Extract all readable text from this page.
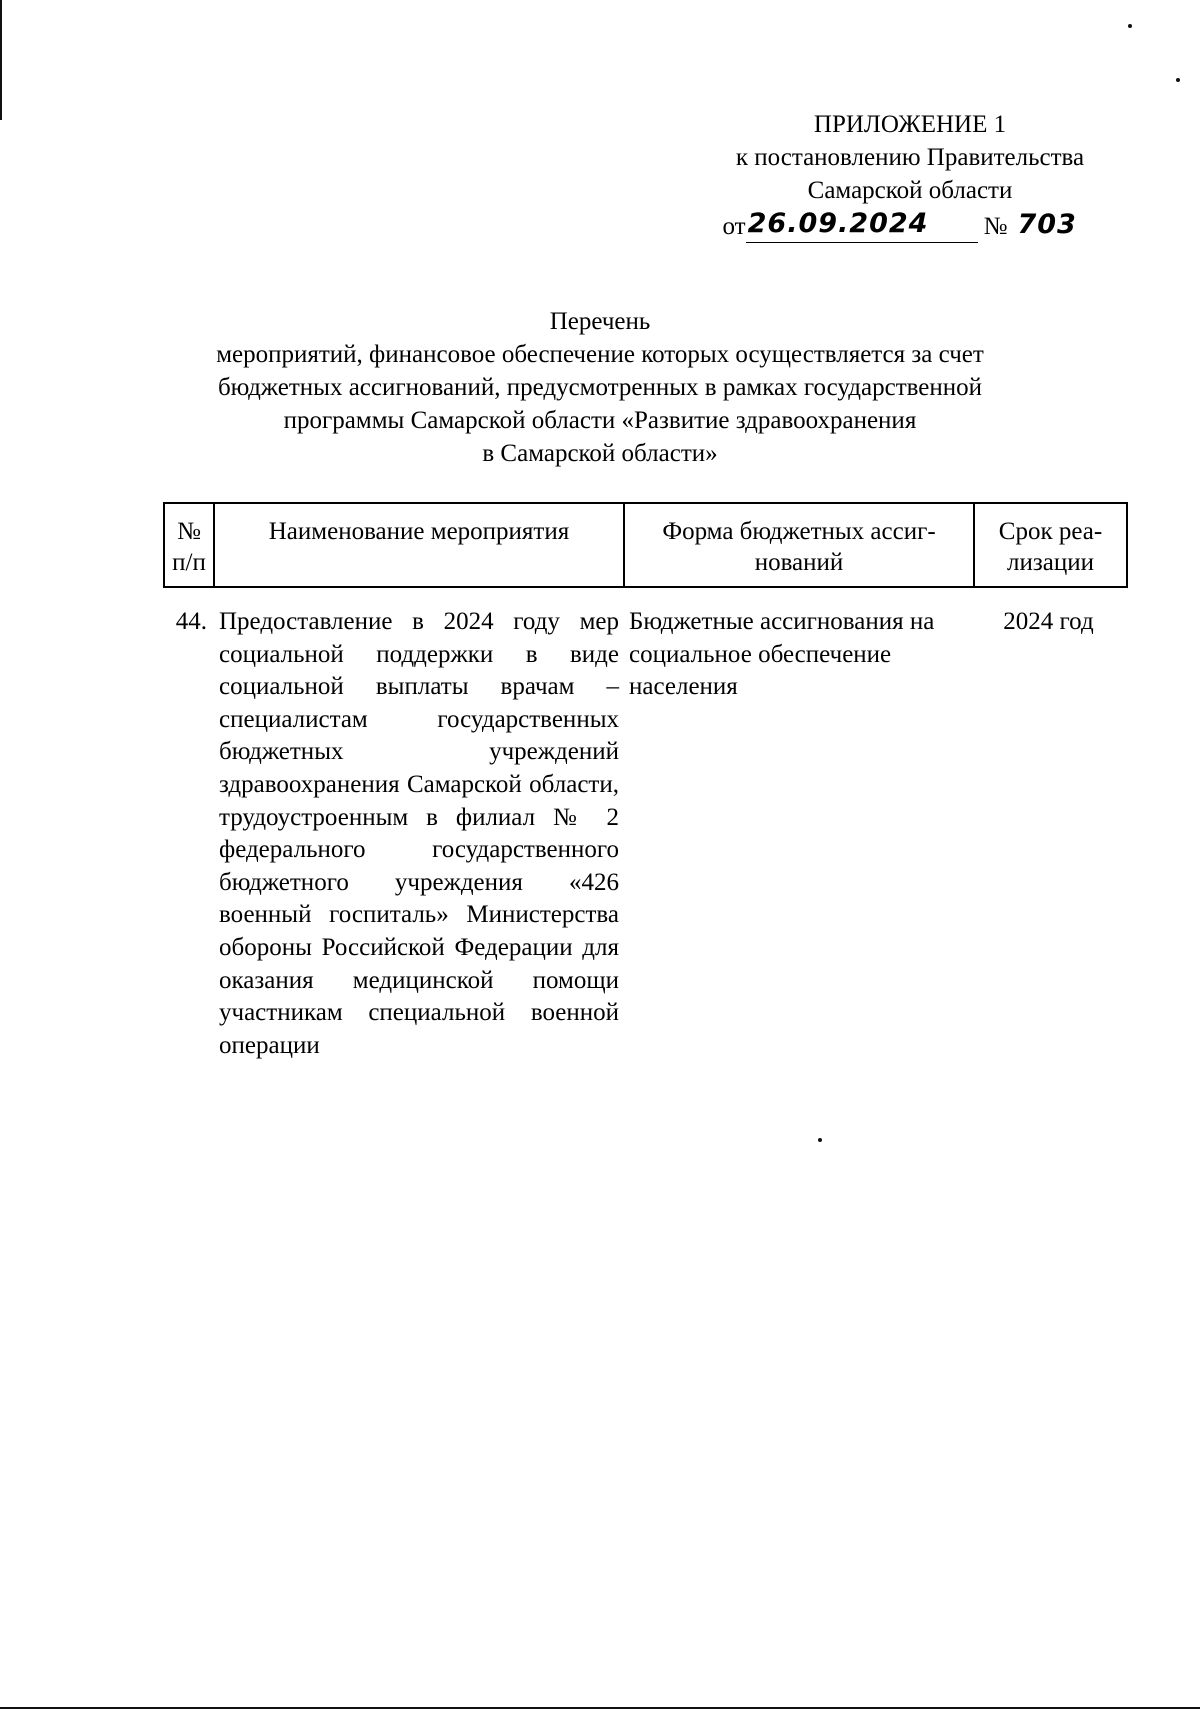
ПРИЛОЖЕНИЕ 1
к постановлению Правительства
Самарской области
от 26.09.2024	№ 703
Перечень
мероприятий, финансовое обеспечение которых осуществляется за счет
бюджетных ассигнований, предусмотренных в рамках государственной
программы Самарской области «Развитие здравоохранения
в Самарской области»
№ п/п
Наименование мероприятия	Форма бюджетных ассиг- нований
Срок реа- лизации
44. Предоставление в 2024 году мер социальной поддержки в виде социальной выплаты врачам – специалистам государственных бюджетных учреждений здравоохранения Самарской области, трудоустроенным в филиал № 2 федерального государственного бюджетного учреждения «426 военный госпиталь» Министерства обороны Российской Федерации для оказания медицинской помощи участникам специальной военной операции
Бюджетные ассигнования на социальное обеспечение населения
2024 год
